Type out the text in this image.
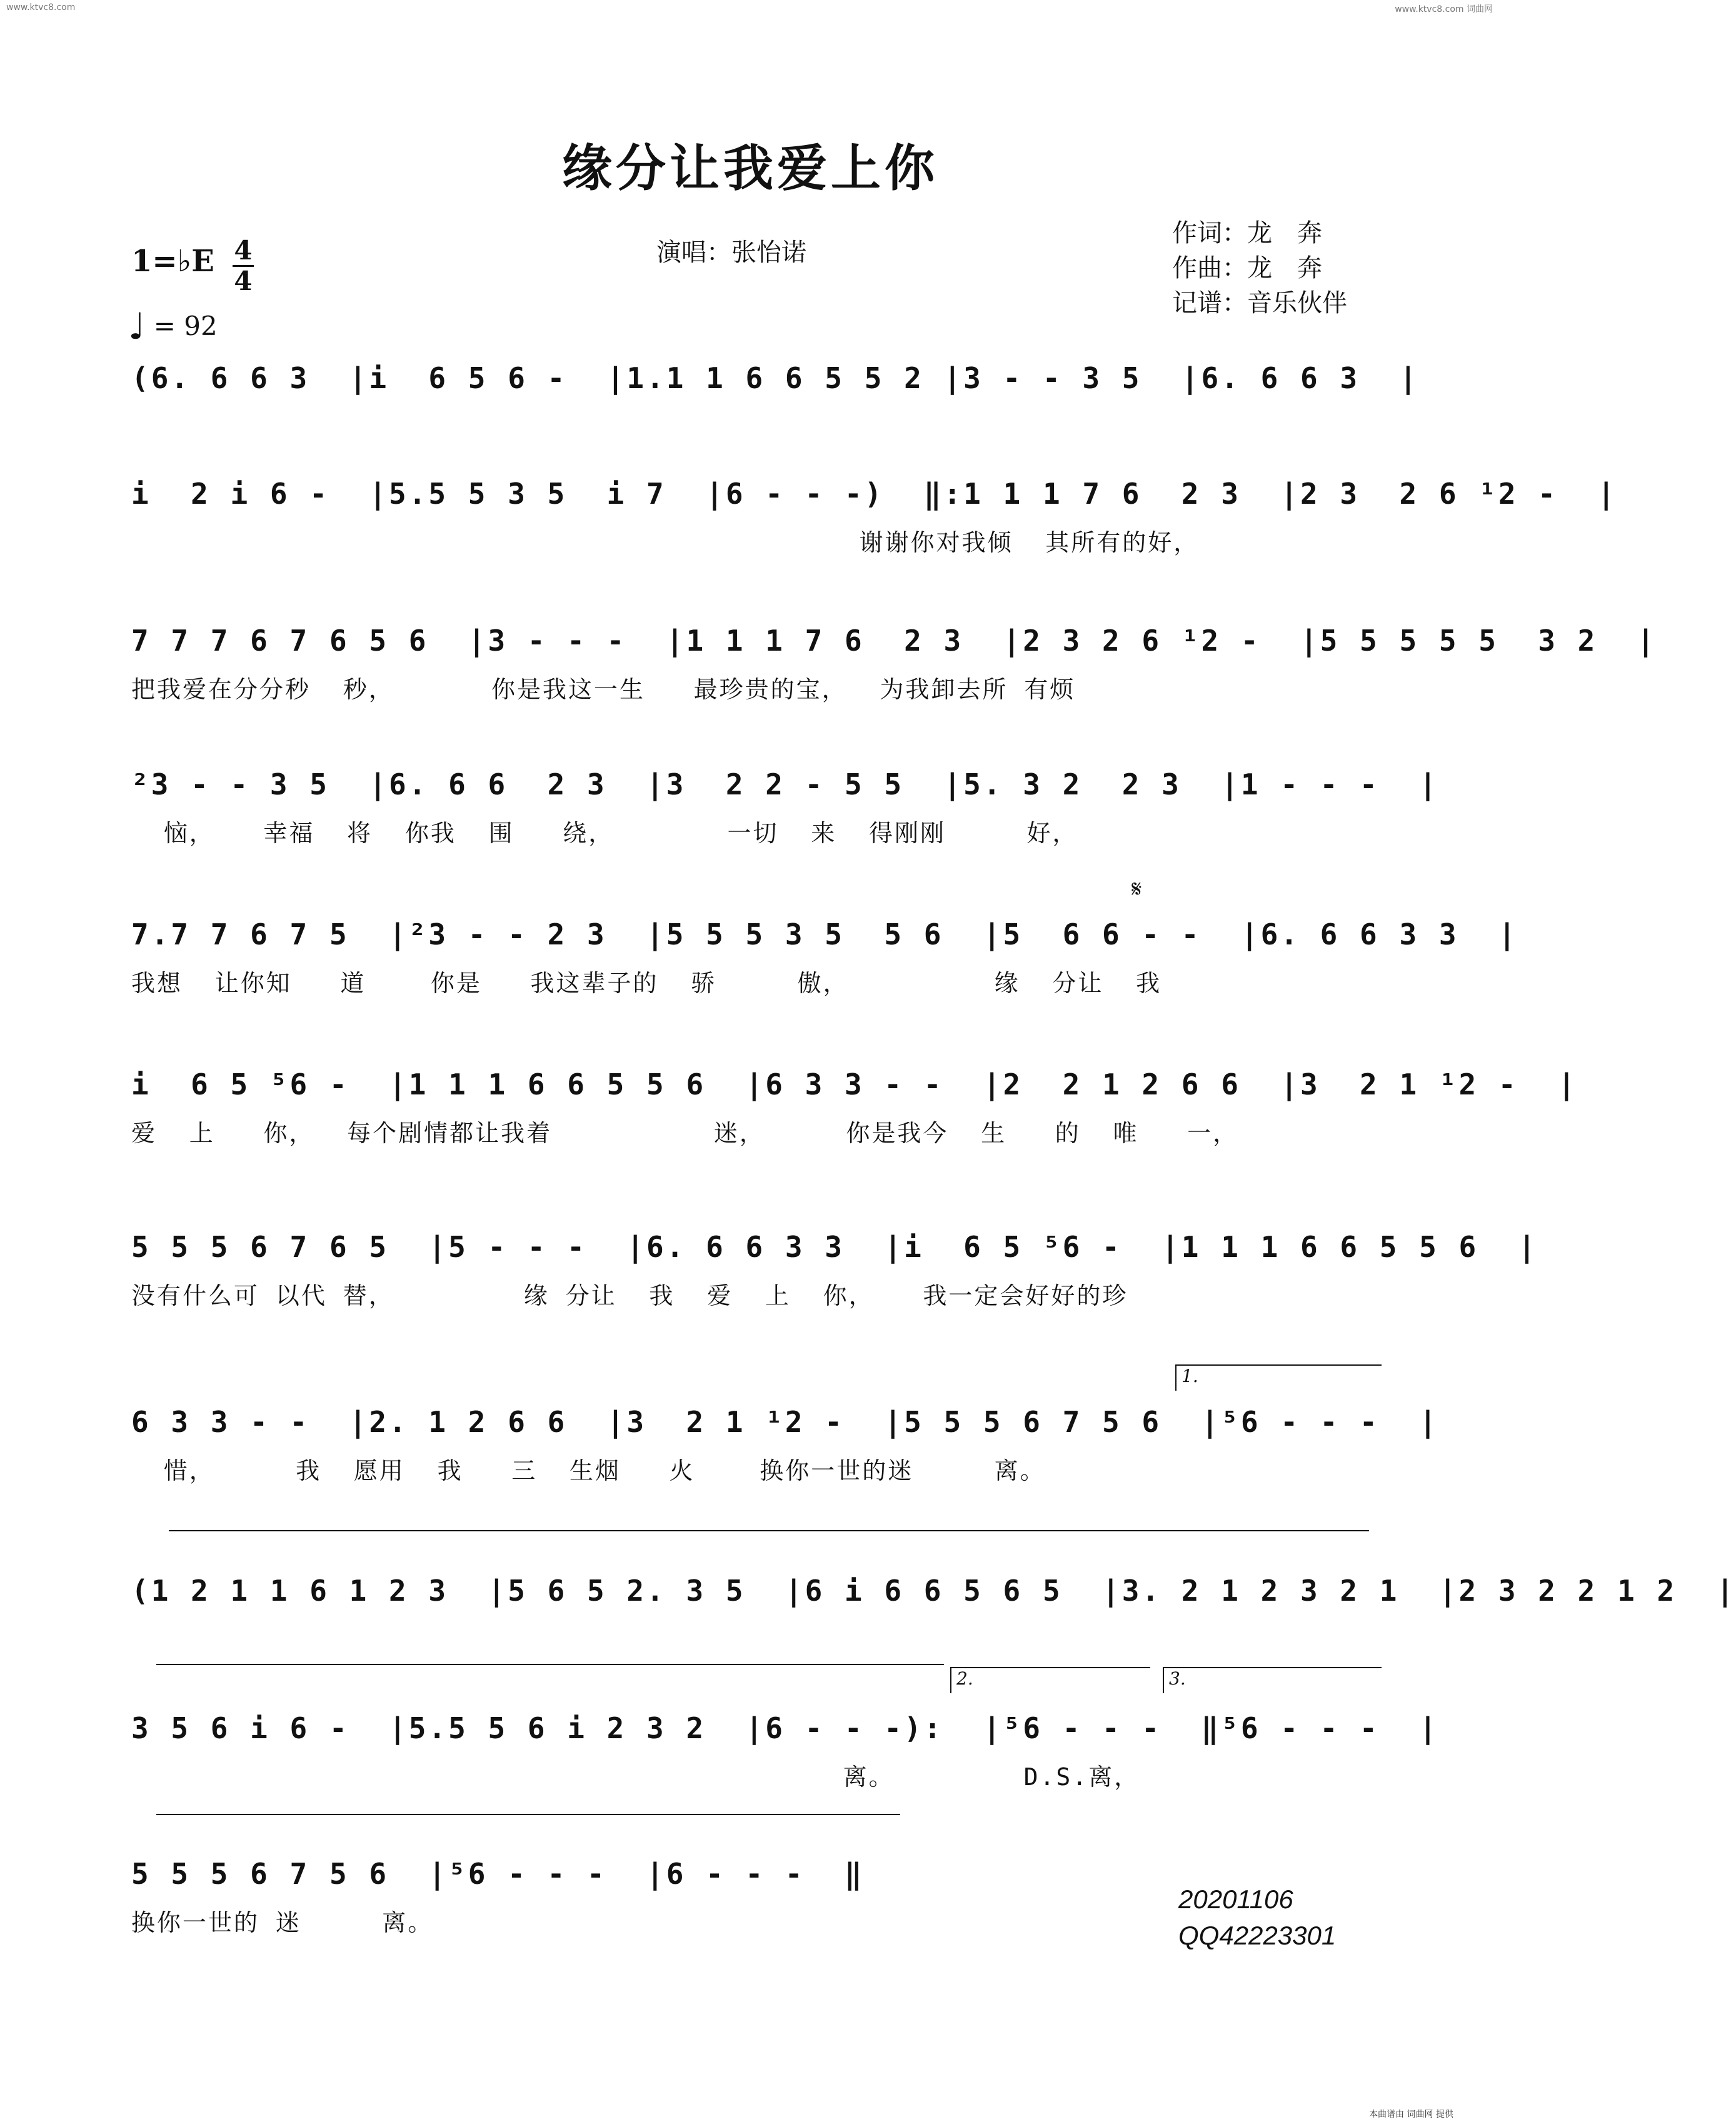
www.ktvc8.com	www.ktvc8.com 词曲网
缘分让我爱上你
演唱：张怡诺
作词：龙　奔
作曲：龙　奔
记谱：音乐伙伴
1=♭E 4
4
♩ = 92
(6. 6 6 3  |i  6 5 6 -  |1.1 1 6 6 5 5 2 |3 - - 3 5  |6. 6 6 3  |
i  2 i 6 -  |5.5 5 3 5  i 7  |6 - - -)  ‖:1 1 1 7 6  2 3  |2 3  2 6 ¹2 -  |
谢谢你对我倾  其所有的好，
7 7 7 6 7 6 5 6  |3 - - -  |1 1 1 7 6  2 3  |2 3 2 6 ¹2 -  |5 5 5 5 5  3 2  |
把我爱在分分秒  秒，      你是我这一生   最珍贵的宝，  为我卸去所 有烦
²3 - - 3 5  |6. 6 6  2 3  |3  2 2 - 5 5  |5. 3 2  2 3  |1 - - -  |
恼，   幸福  将  你我  围   绕，       一切  来  得刚刚     好，
𝄋
7.7 7 6 7 5  |²3 - - 2 3  |5 5 5 3 5  5 6  |5  6 6 - -  |6. 6 6 3 3  |
我想  让你知   道    你是   我这辈子的  骄     傲，         缘  分让  我
i  6 5 ⁵6 -  |1 1 1 6 6 5 5 6  |6 3 3 - -  |2  2 1 2 6 6  |3  2 1 ¹2 -  |
爱  上   你，  每个剧情都让我着          迷，     你是我今  生   的  唯   一，
5 5 5 6 7 6 5  |5 - - -  |6. 6 6 3 3  |i  6 5 ⁵6 -  |1 1 1 6 6 5 5 6  |
没有什么可 以代 替，        缘 分让  我  爱  上  你，   我一定会好好的珍
1.
6 3 3 - -  |2. 1 2 6 6  |3  2 1 ¹2 -  |5 5 5 6 7 5 6  |⁵6 - - -  |
惜，     我  愿用  我   三  生烟   火    换你一世的迷     离。
(1 2 1 1 6 1 2 3  |5 6 5 2. 3 5  |6 i 6 6 5 6 5  |3. 2 1 2 3 2 1  |2 3 2 2 1 2  |
2.	3.
3 5 6 i 6 -  |5.5 5 6 i 2 3 2  |6 - - -):  |⁵6 - - -  ‖⁵6 - - -  |
离。        D.S.离，
5 5 5 6 7 5 6  |⁵6 - - -  |6 - - -  ‖
换你一世的 迷     离。
20201106
QQ42223301
本曲谱由 词曲网 提供
